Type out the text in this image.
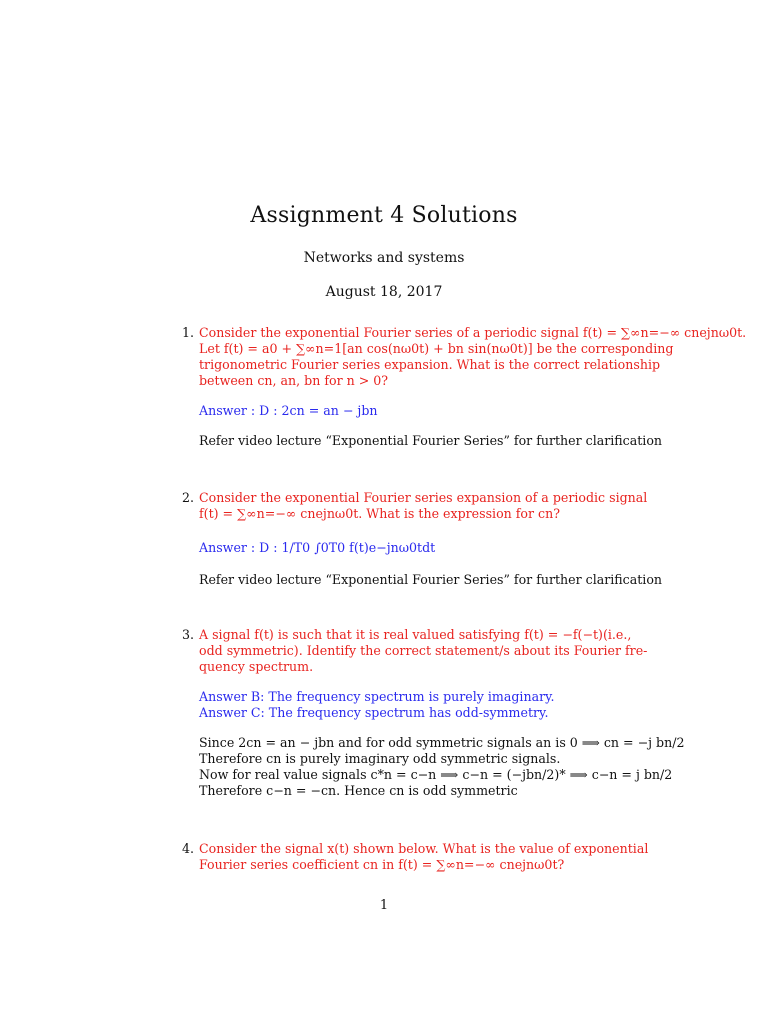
Assignment 4 Solutions
Networks and systems
August 18, 2017
1. Consider the exponential Fourier series of a periodic signal f(t) = ∑∞n=−∞ cnejnω0t.
Let f(t) = a0 + ∑∞n=1[an cos(nω0t) + bn sin(nω0t)] be the corresponding
trigonometric Fourier series expansion. What is the correct relationship
between cn, an, bn for n > 0?
Answer : D : 2cn = an − jbn
Refer video lecture “Exponential Fourier Series” for further clarification
2. Consider the exponential Fourier series expansion of a periodic signal
f(t) = ∑∞n=−∞ cnejnω0t. What is the expression for cn?
Answer : D : 1/T0 ∫0T0 f(t)e−jnω0tdt
Refer video lecture “Exponential Fourier Series” for further clarification
3. A signal f(t) is such that it is real valued satisfying f(t) = −f(−t)(i.e.,
odd symmetric). Identify the correct statement/s about its Fourier fre-
quency spectrum.
Answer B: The frequency spectrum is purely imaginary.
Answer C: The frequency spectrum has odd-symmetry.
Since 2cn = an − jbn and for odd symmetric signals an is 0 ⟹ cn = −j bn/2
Therefore cn is purely imaginary odd symmetric signals.
Now for real value signals c*n = c−n ⟹ c−n = (−jbn/2)* ⟹ c−n = j bn/2
Therefore c−n = −cn. Hence cn is odd symmetric
4. Consider the signal x(t) shown below. What is the value of exponential
Fourier series coefficient cn in f(t) = ∑∞n=−∞ cnejnω0t?
1
